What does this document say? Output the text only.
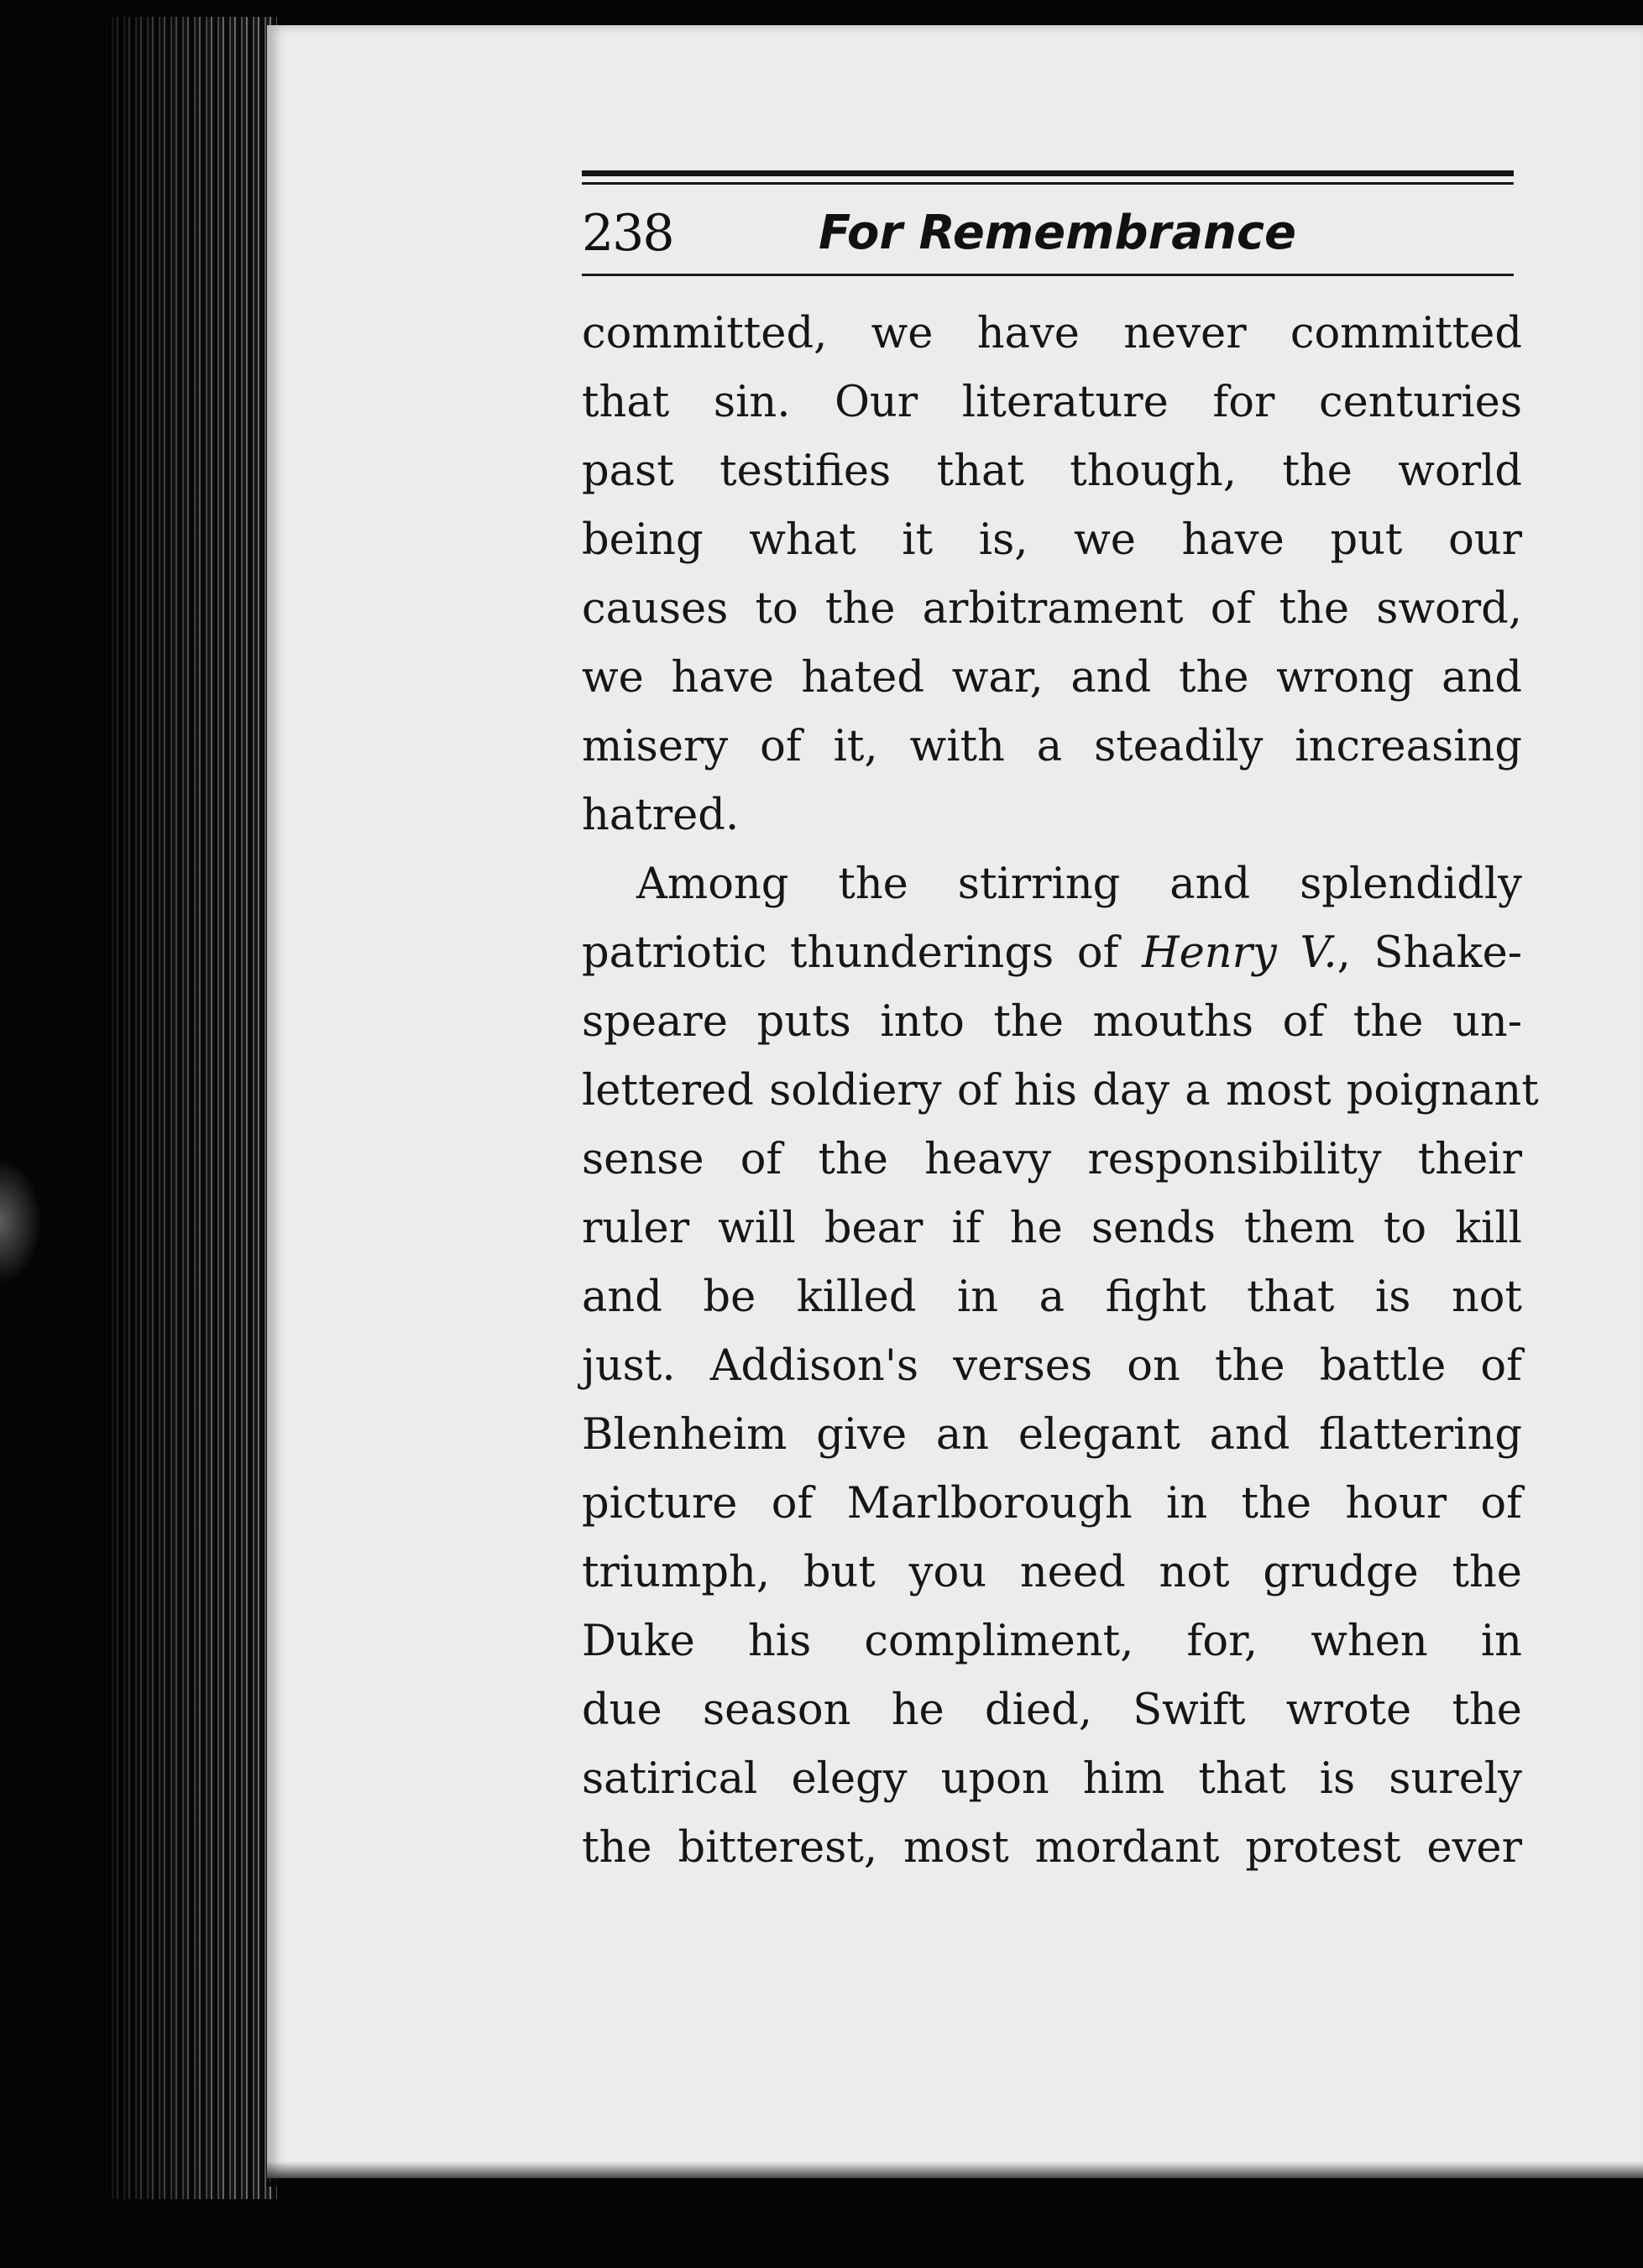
238	For Remembrance
committed, we have never committed
that sin. Our literature for centuries
past testifies that though, the world
being what it is, we have put our
causes to the arbitrament of the sword,
we have hated war, and the wrong and
misery of it, with a steadily increasing
hatred.
Among the stirring and splendidly
patriotic thunderings of Henry V., Shake-
speare puts into the mouths of the un-
lettered soldiery of his day a most poignant
sense of the heavy responsibility their
ruler will bear if he sends them to kill
and be killed in a fight that is not
just. Addison's verses on the battle of
Blenheim give an elegant and flattering
picture of Marlborough in the hour of
triumph, but you need not grudge the
Duke his compliment, for, when in
due season he died, Swift wrote the
satirical elegy upon him that is surely
the bitterest, most mordant protest ever
